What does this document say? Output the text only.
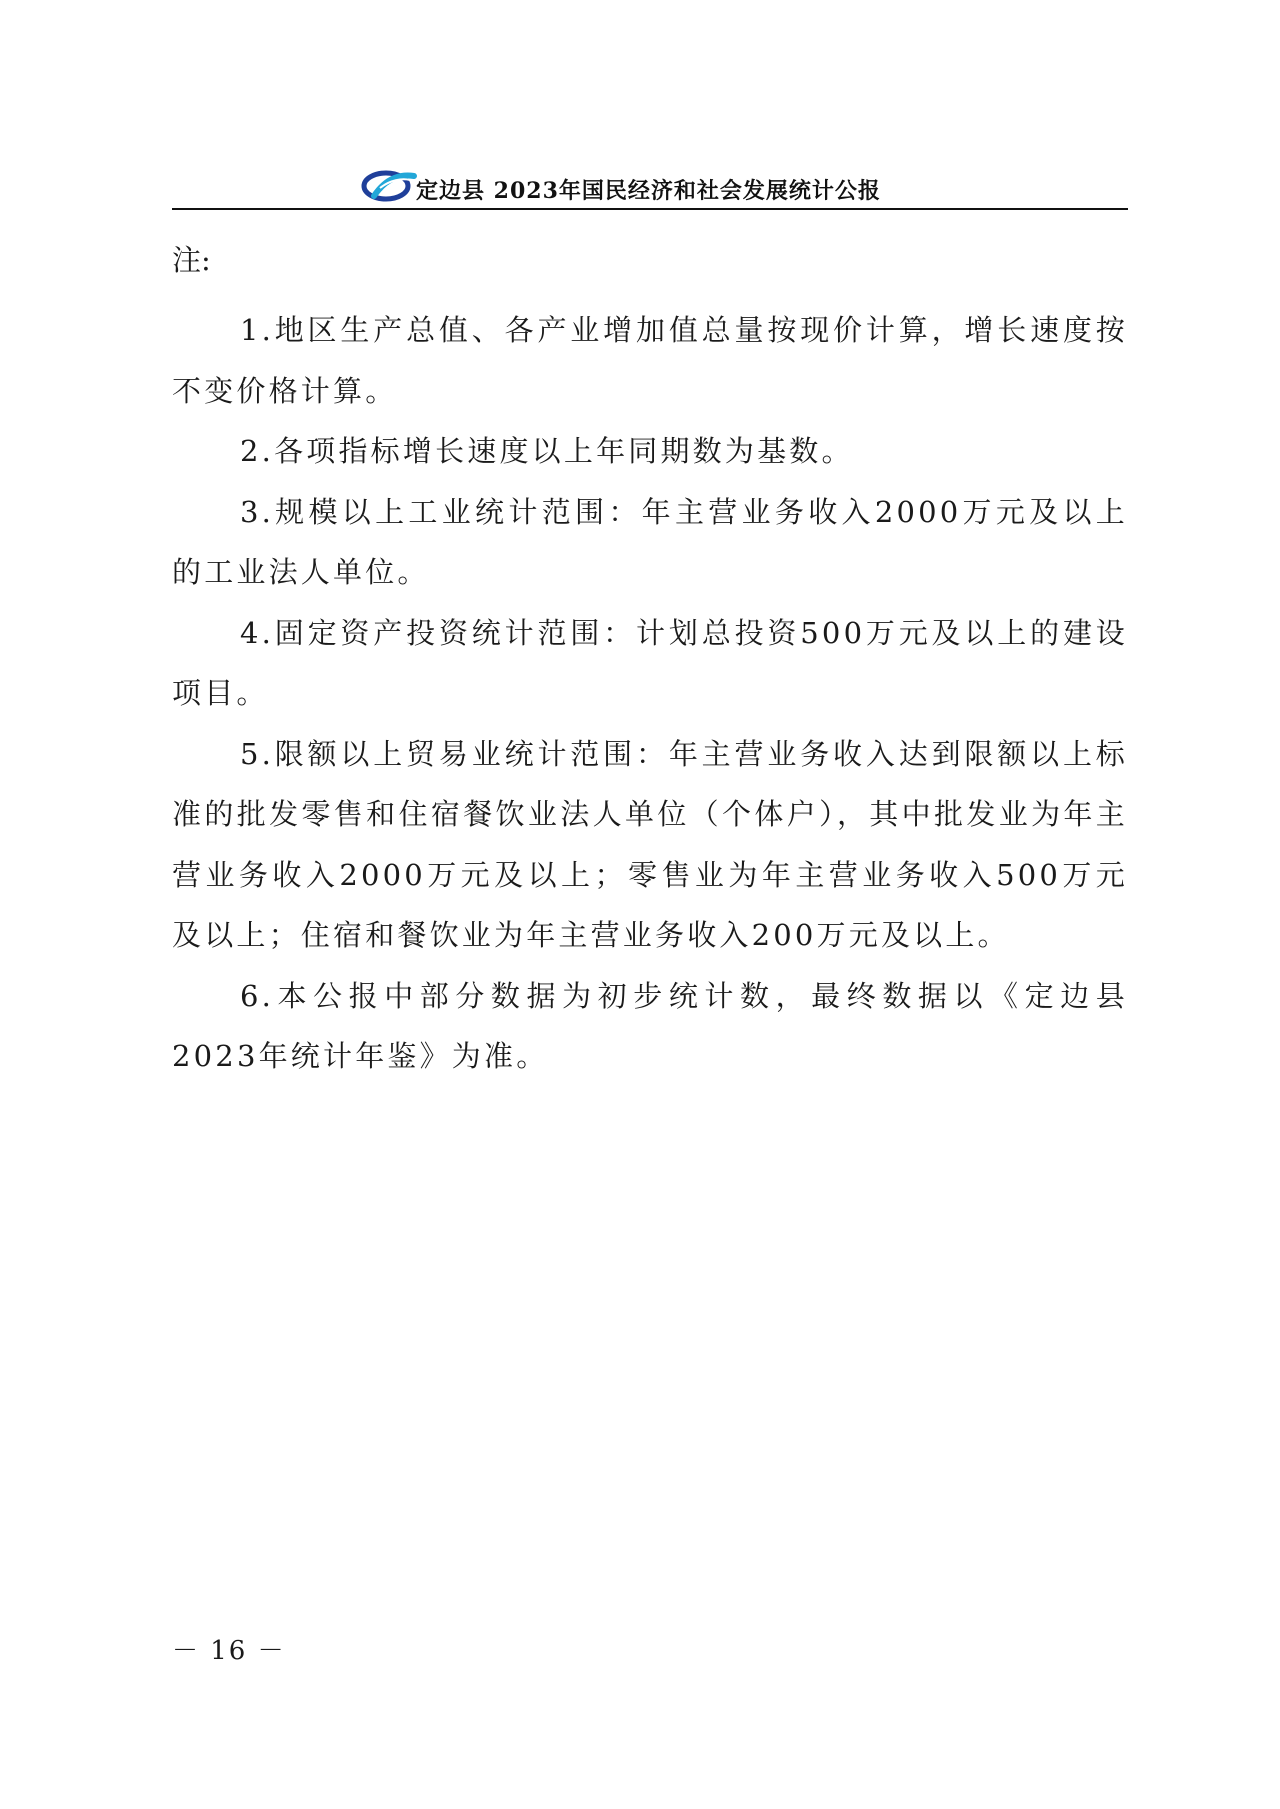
定边县 2023年国民经济和社会发展统计公报
注:

1.地区生产总值、各产业增加值总量按现价计算，增长速度按不变价格计算。

2.各项指标增长速度以上年同期数为基数。

3.规模以上工业统计范围：年主营业务收入2000万元及以上的工业法人单位。

4.固定资产投资统计范围：计划总投资500万元及以上的建设项目。

5.限额以上贸易业统计范围：年主营业务收入达到限额以上标准的批发零售和住宿餐饮业法人单位（个体户），其中批发业为年主营业务收入2000万元及以上；零售业为年主营业务收入500万元及以上；住宿和餐饮业为年主营业务收入200万元及以上。

6.本公报中部分数据为初步统计数，最终数据以《定边县2023年统计年鉴》为准。

－ 16 －
